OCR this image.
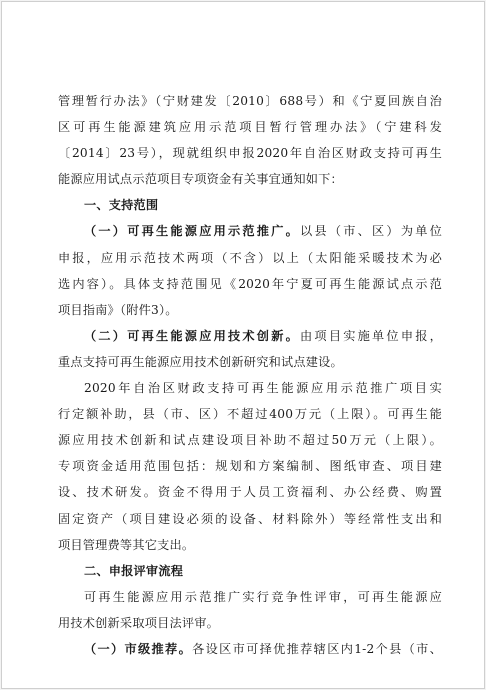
管理暂行办法》（宁财建发〔2010〕688号）和《宁夏回族自治
区可再生能源建筑应用示范项目暂行管理办法》（宁建科发
〔2014〕23号），现就组织申报2020年自治区财政支持可再生
能源应用试点示范项目专项资金有关事宜通知如下：
一、支持范围
（一）可再生能源应用示范推广。以县（市、区）为单位
申报，应用示范技术两项（不含）以上（太阳能采暖技术为必
选内容）。具体支持范围见《2020年宁夏可再生能源试点示范
项目指南》（附件3）。
（二）可再生能源应用技术创新。由项目实施单位申报，
重点支持可再生能源应用技术创新研究和试点建设。
2020年自治区财政支持可再生能源应用示范推广项目实
行定额补助，县（市、区）不超过400万元（上限）。可再生能
源应用技术创新和试点建设项目补助不超过50万元（上限）。
专项资金适用范围包括：规划和方案编制、图纸审查、项目建
设、技术研发。资金不得用于人员工资福利、办公经费、购置
固定资产（项目建设必须的设备、材料除外）等经常性支出和
项目管理费等其它支出。
二、申报评审流程
可再生能源应用示范推广实行竞争性评审，可再生能源应
用技术创新采取项目法评审。
（一）市级推荐。各设区市可择优推荐辖区内1-2个县（市、
